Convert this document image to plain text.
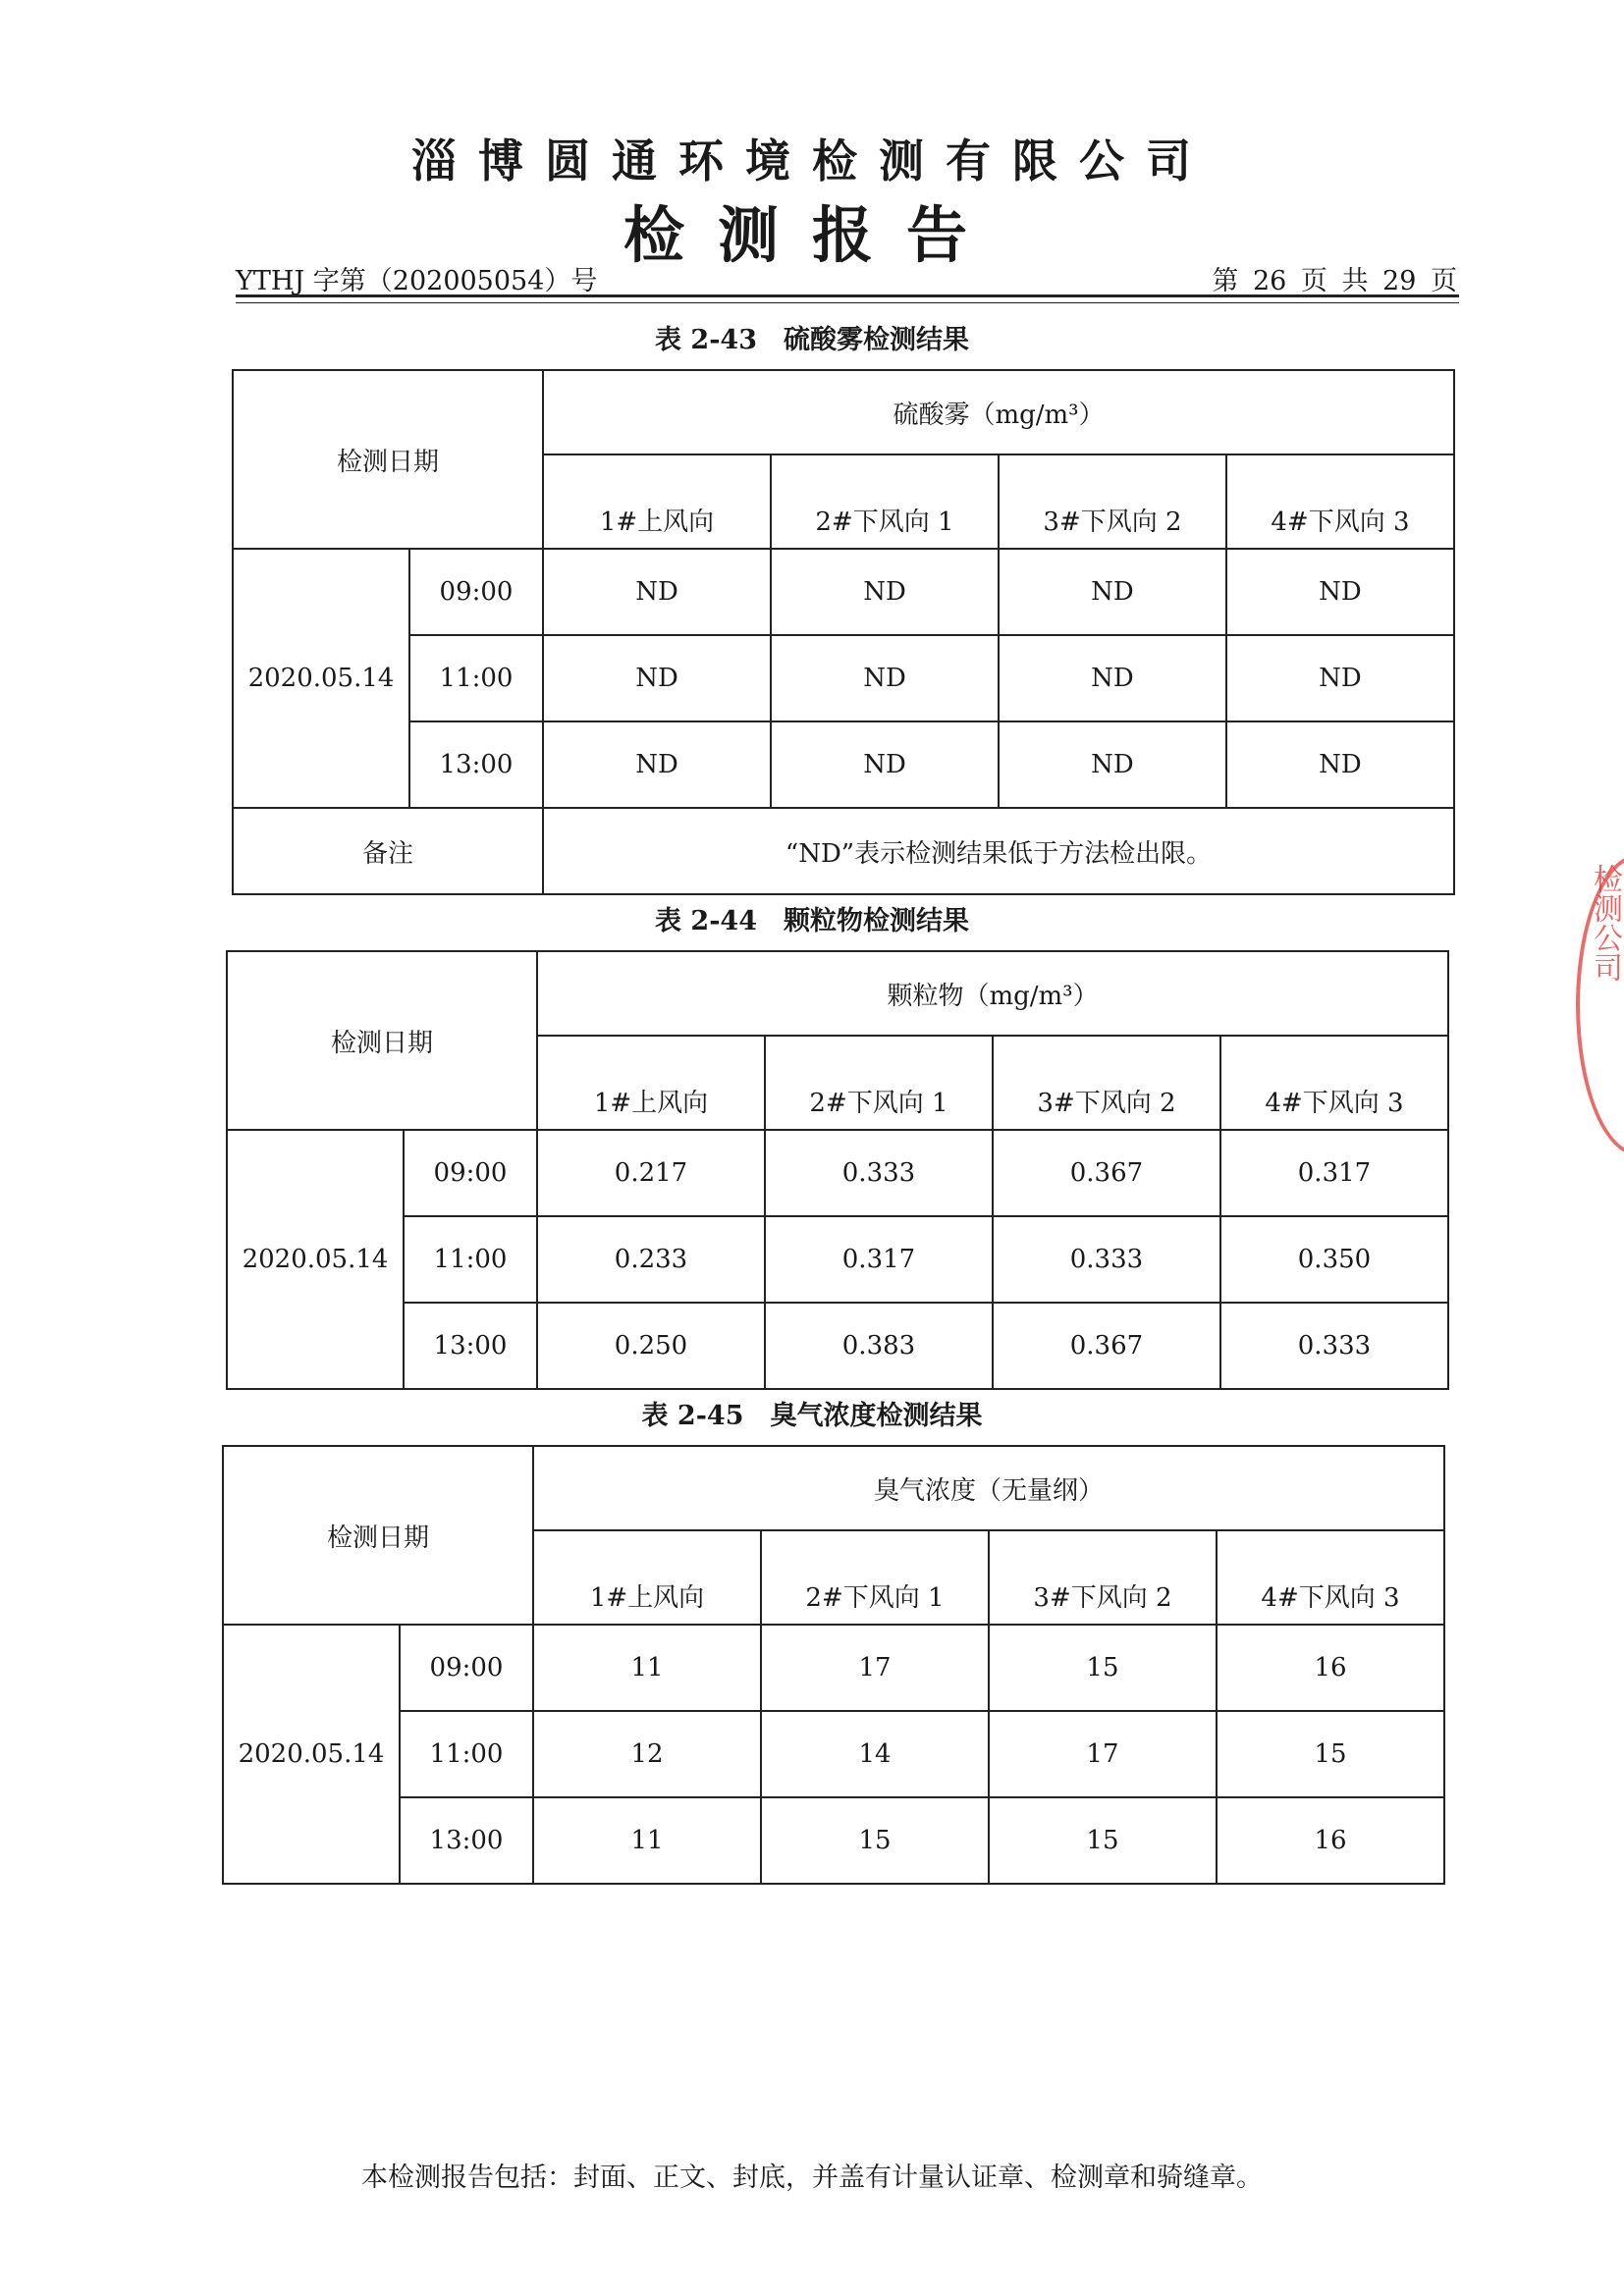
淄博圆通环境检测有限公司
检测报告
YTHJ 字第（202005054）号	第 26 页 共 29 页
表 2-43　硫酸雾检测结果
检测日期		硫酸雾（mg/m³）			
		1#上风向	2#下风向 1	3#下风向 2	4#下风向 3
2020.05.14	09:00	ND	ND	ND	ND
	11:00	ND	ND	ND	ND
	13:00	ND	ND	ND	ND
备注		“ND”表示检测结果低于方法检出限。			
表 2-44　颗粒物检测结果
检测日期		颗粒物（mg/m³）			
		1#上风向	2#下风向 1	3#下风向 2	4#下风向 3
2020.05.14	09:00	0.217	0.333	0.367	0.317
	11:00	0.233	0.317	0.333	0.350
	13:00	0.250	0.383	0.367	0.333
表 2-45　臭气浓度检测结果
检测日期		臭气浓度（无量纲）			
		1#上风向	2#下风向 1	3#下风向 2	4#下风向 3
2020.05.14	09:00	11	17	15	16
	11:00	12	14	17	15
	13:00	11	15	15	16
检测公司
本检测报告包括：封面、正文、封底，并盖有计量认证章、检测章和骑缝章。
